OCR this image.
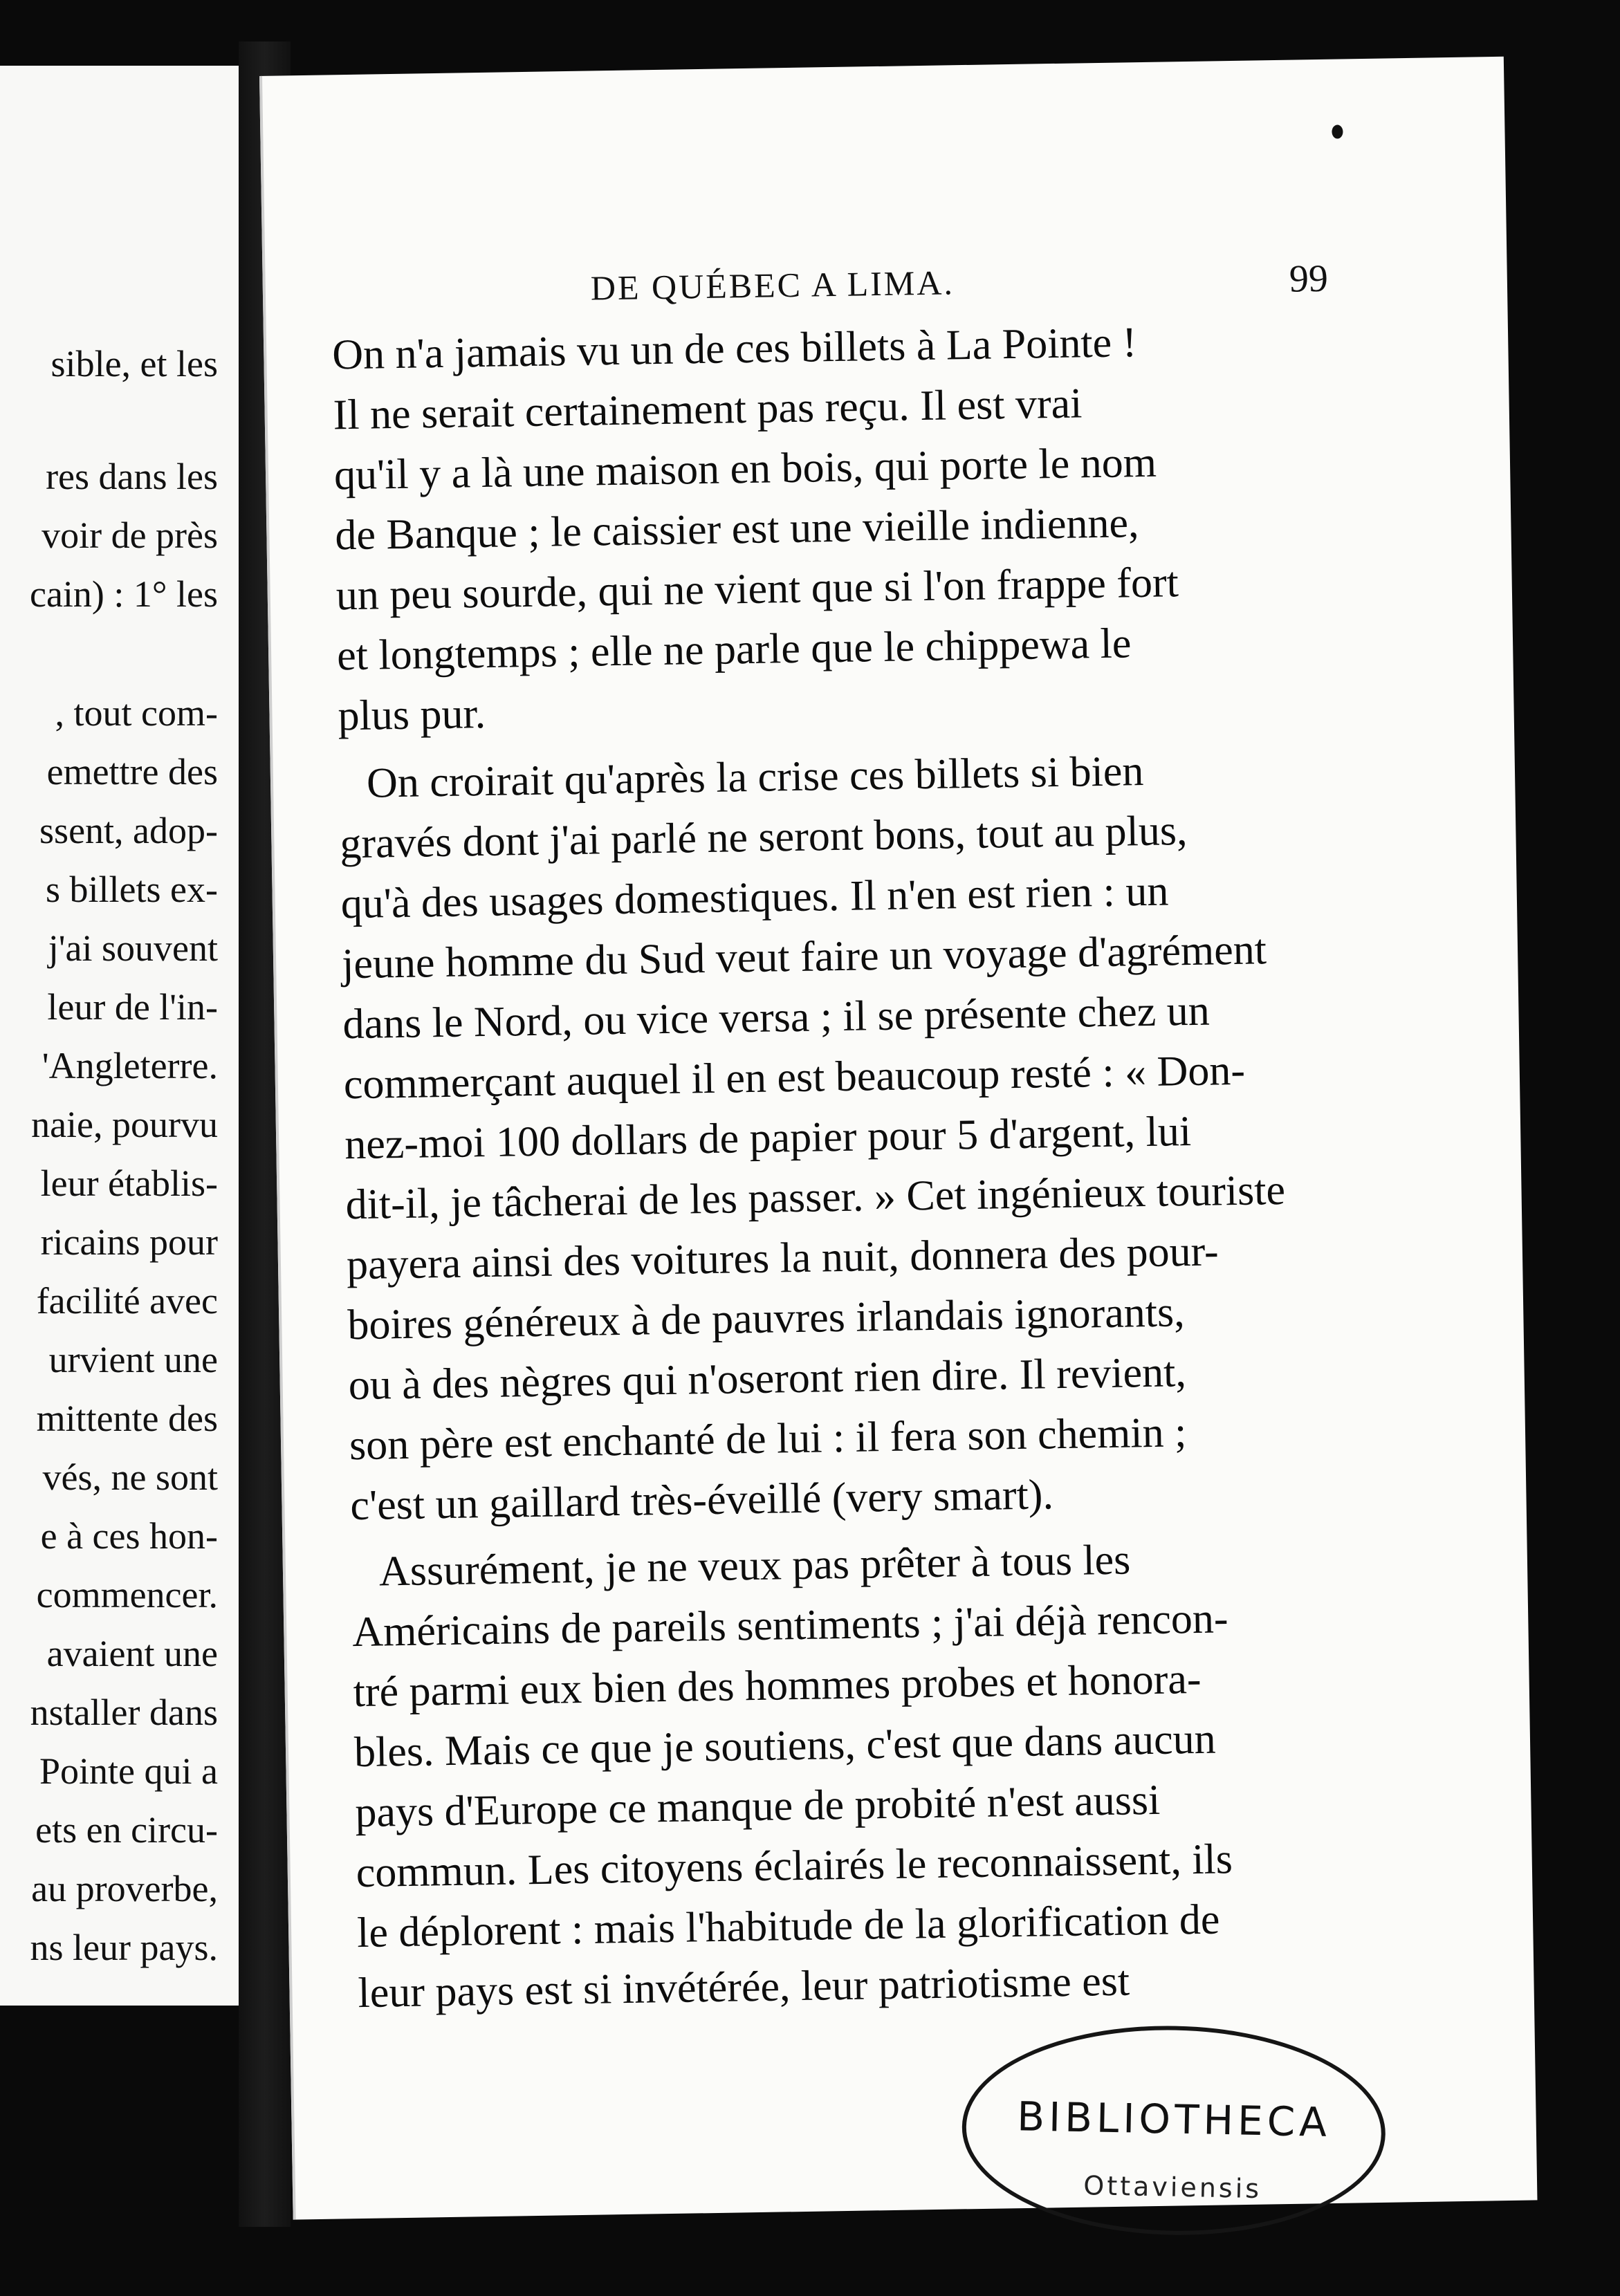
sible, et les
res dans les
voir de près
cain) : 1° les
, tout com-
emettre des
ssent, adop-
s billets ex-
j'ai souvent
leur de l'in-
'Angleterre.
naie, pourvu
leur établis-
ricains pour
facilité avec
urvient une
mittente des
vés, ne sont
e à ces hon-
commencer.
avaient une
nstaller dans
Pointe qui a
ets en circu-
au proverbe,
ns leur pays.
DE QUÉBEC A LIMA.	99
On n'a jamais vu un de ces billets à La Pointe !
Il ne serait certainement pas reçu. Il est vrai
qu'il y a là une maison en bois, qui porte le nom
de Banque ; le caissier est une vieille indienne,
un peu sourde, qui ne vient que si l'on frappe fort
et longtemps ; elle ne parle que le chippewa le
plus pur.
On croirait qu'après la crise ces billets si bien
gravés dont j'ai parlé ne seront bons, tout au plus,
qu'à des usages domestiques. Il n'en est rien : un
jeune homme du Sud veut faire un voyage d'agrément
dans le Nord, ou vice versa ; il se présente chez un
commerçant auquel il en est beaucoup resté : « Don-
nez-moi 100 dollars de papier pour 5 d'argent, lui
dit-il, je tâcherai de les passer. » Cet ingénieux touriste
payera ainsi des voitures la nuit, donnera des pour-
boires généreux à de pauvres irlandais ignorants,
ou à des nègres qui n'oseront rien dire. Il revient,
son père est enchanté de lui : il fera son chemin ;
c'est un gaillard très-éveillé (very smart).
Assurément, je ne veux pas prêter à tous les
Américains de pareils sentiments ; j'ai déjà rencon-
tré parmi eux bien des hommes probes et honora-
bles. Mais ce que je soutiens, c'est que dans aucun
pays d'Europe ce manque de probité n'est aussi
commun. Les citoyens éclairés le reconnaissent, ils
le déplorent : mais l'habitude de la glorification de
leur pays est si invétérée, leur patriotisme est
BIBLIOTHECA
Ottaviensis
